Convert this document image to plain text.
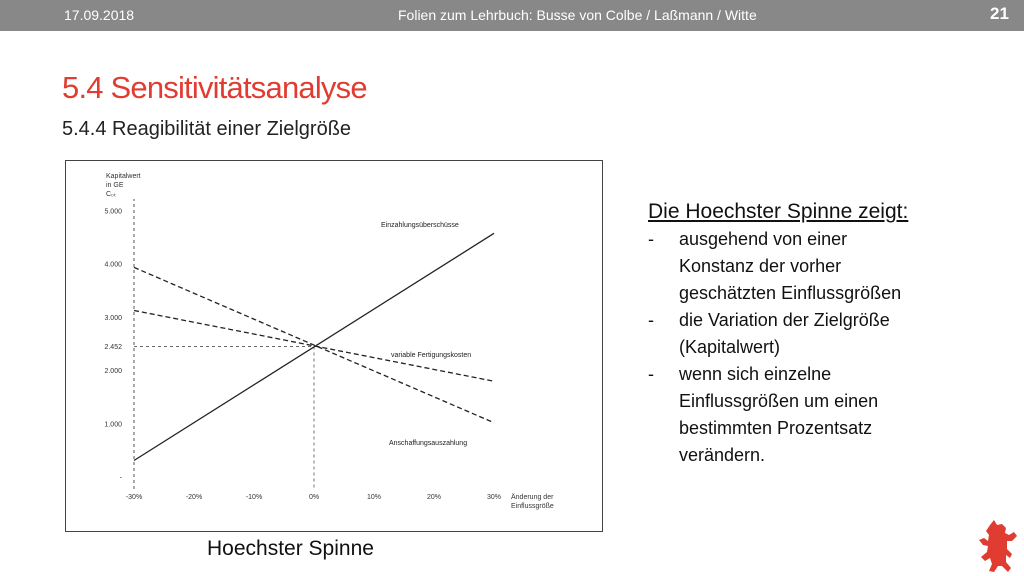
17.09.2018	Folien zum Lehrbuch: Busse von Colbe / Laßmann / Witte	21
5.4 Sensitivitätsanalyse
5.4.4 Reagibilität einer Zielgröße
Kapitalwert
in GE
C₀ₜ
-
1.000
2.000
2.452
3.000
4.000
5.000
-30%	-20%	-10%	0%	10%	20%	30% Änderung der
Einflussgröße
Einzahlungsüberschüsse
variable Fertigungskosten
Anschaffungsauszahlung
Hoechster Spinne
Die Hoechster Spinne zeigt:
- ausgehend von einer
Konstanz der vorher
geschätzten Einflussgrößen
- die Variation der Zielgröße
(Kapitalwert)
- wenn sich einzelne
Einflussgrößen um einen
bestimmten Prozentsatz
verändern.
